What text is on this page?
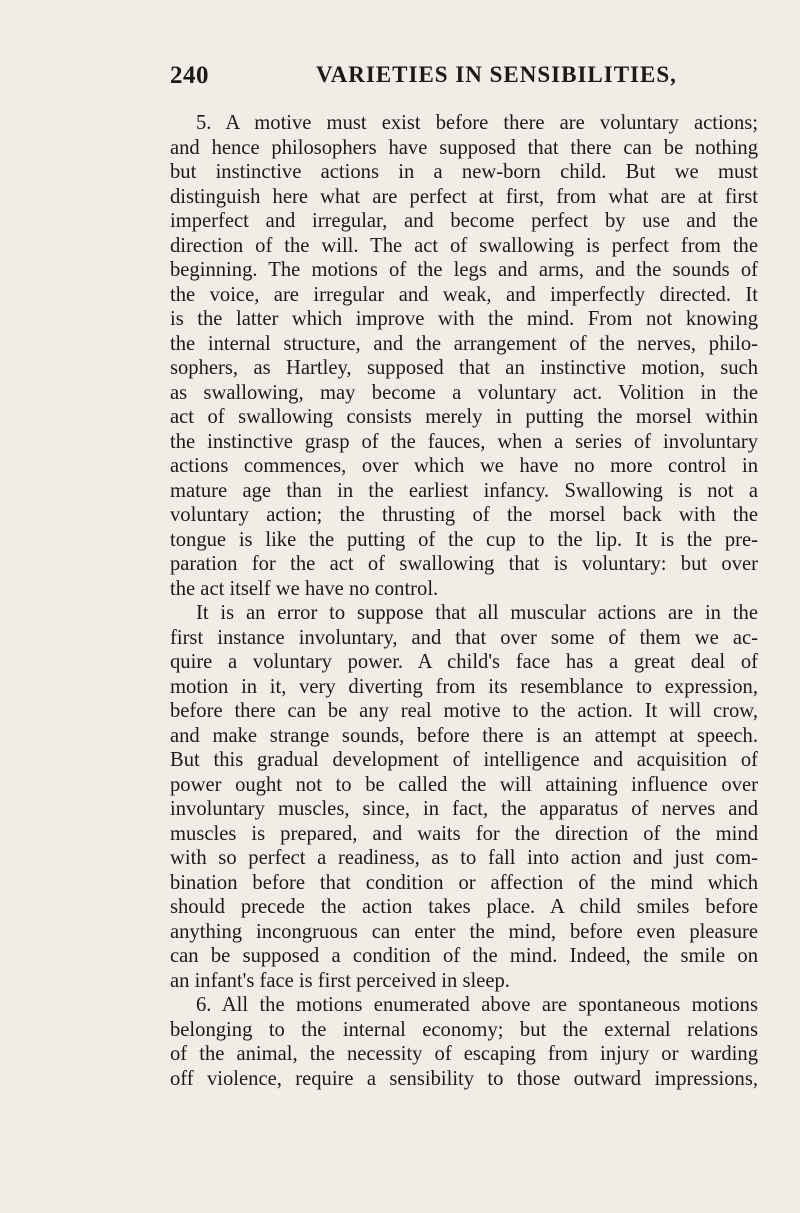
240	VARIETIES IN SENSIBILITIES,
5. A motive must exist before there are voluntary actions;
and hence philosophers have supposed that there can be nothing
but instinctive actions in a new-born child. But we must
distinguish here what are perfect at first, from what are at first
imperfect and irregular, and become perfect by use and the
direction of the will. The act of swallowing is perfect from the
beginning. The motions of the legs and arms, and the sounds of
the voice, are irregular and weak, and imperfectly directed. It
is the latter which improve with the mind. From not knowing
the internal structure, and the arrangement of the nerves, philo-
sophers, as Hartley, supposed that an instinctive motion, such
as swallowing, may become a voluntary act. Volition in the
act of swallowing consists merely in putting the morsel within
the instinctive grasp of the fauces, when a series of involuntary
actions commences, over which we have no more control in
mature age than in the earliest infancy. Swallowing is not a
voluntary action; the thrusting of the morsel back with the
tongue is like the putting of the cup to the lip. It is the pre-
paration for the act of swallowing that is voluntary: but over
the act itself we have no control.
It is an error to suppose that all muscular actions are in the
first instance involuntary, and that over some of them we ac-
quire a voluntary power. A child's face has a great deal of
motion in it, very diverting from its resemblance to expression,
before there can be any real motive to the action. It will crow,
and make strange sounds, before there is an attempt at speech.
But this gradual development of intelligence and acquisition of
power ought not to be called the will attaining influence over
involuntary muscles, since, in fact, the apparatus of nerves and
muscles is prepared, and waits for the direction of the mind
with so perfect a readiness, as to fall into action and just com-
bination before that condition or affection of the mind which
should precede the action takes place. A child smiles before
anything incongruous can enter the mind, before even pleasure
can be supposed a condition of the mind. Indeed, the smile on
an infant's face is first perceived in sleep.
6. All the motions enumerated above are spontaneous motions
belonging to the internal economy; but the external relations
of the animal, the necessity of escaping from injury or warding
off violence, require a sensibility to those outward impressions,
